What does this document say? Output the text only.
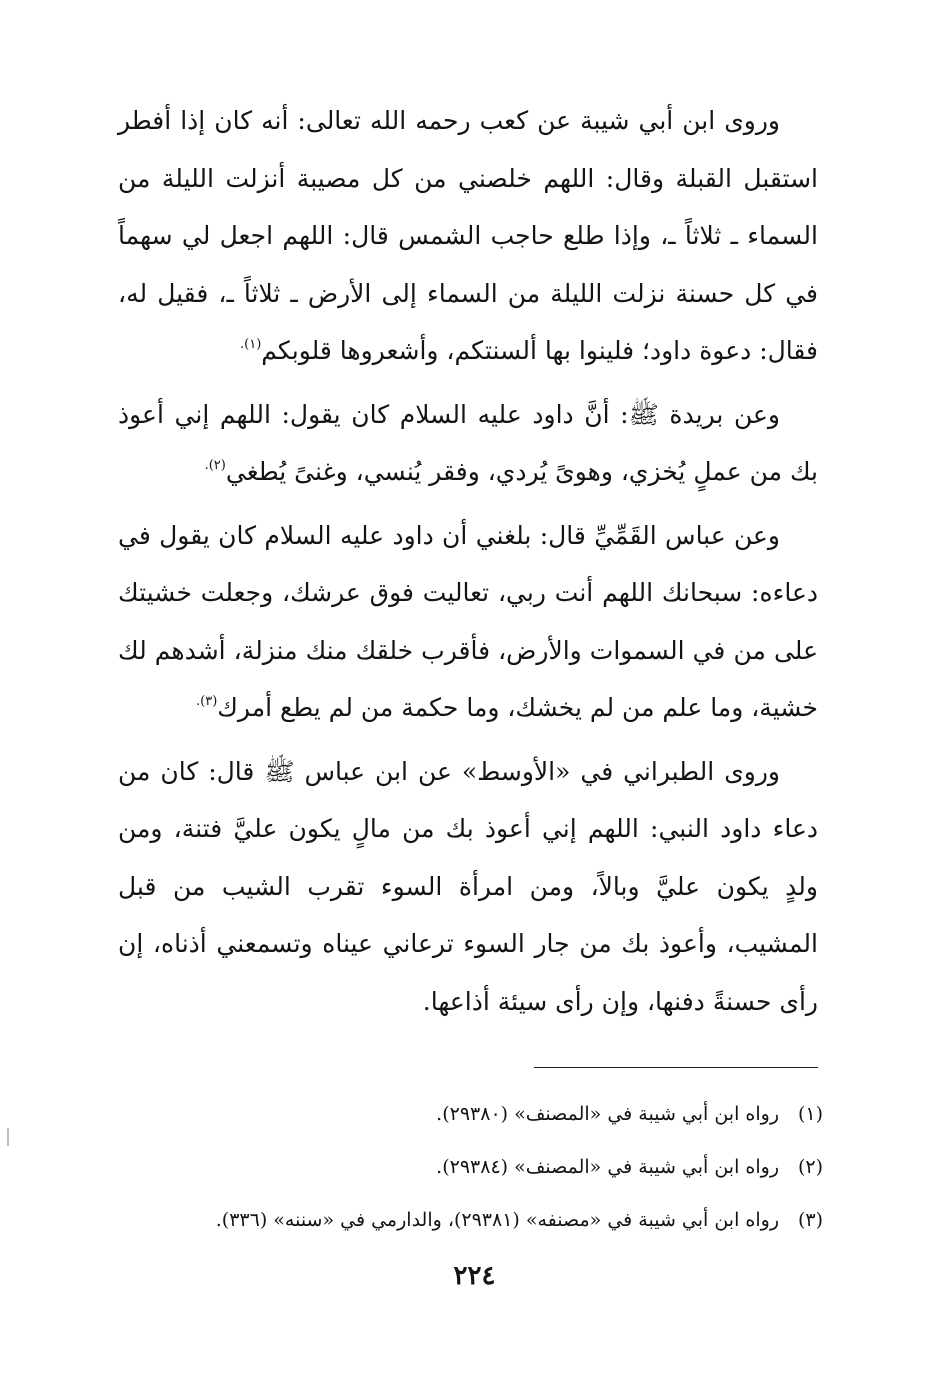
وروى ابن أبي شيبة عن كعب رحمه الله تعالى: أنه كان إذا أفطر استقبل القبلة وقال: اللهم خلصني من كل مصيبة أنزلت الليلة من السماء ـ ثلاثاً ـ، وإذا طلع حاجب الشمس قال: اللهم اجعل لي سهماً في كل حسنة نزلت الليلة من السماء إلى الأرض ـ ثلاثاً ـ، فقيل له، فقال: دعوة داود؛ فلينوا بها ألسنتكم، وأشعروها قلوبكم$^{(١).}$

وعن بريدة ﷺ: أنَّ داود عليه السلام كان يقول: اللهم إني أعوذ بك من عملٍ يُخزي، وهوىً يُردي، وفقر يُنسي، وغنىً يُطغي$^{(٢).}$

وعن عباس القَمِّيِّ قال: بلغني أن داود عليه السلام كان يقول في دعاءه: سبحانك اللهم أنت ربي، تعاليت فوق عرشك، وجعلت خشيتك على من في السموات والأرض، فأقرب خلقك منك منزلة، أشدهم لك خشية، وما علم من لم يخشك، وما حكمة من لم يطع أمرك$^{(٣).}$

وروى الطبراني في «الأوسط» عن ابن عباس ﷺ قال: كان من دعاء داود النبي: اللهم إني أعوذ بك من مالٍ يكون عليَّ فتنة، ومن ولدٍ يكون عليَّ وبالاً، ومن امرأة السوء تقرب الشيب من قبل المشيب، وأعوذ بك من جار السوء ترعاني عيناه وتسمعني أذناه، إن رأى حسنةً دفنها، وإن رأى سيئة أذاعها.

(١)رواه ابن أبي شيبة في «المصنف» (٢٩٣٨٠).
(٢)رواه ابن أبي شيبة في «المصنف» (٢٩٣٨٤).
(٣)رواه ابن أبي شيبة في «مصنفه» (٢٩٣٨١)، والدارمي في «سننه» (٣٣٦).
٢٢٤
